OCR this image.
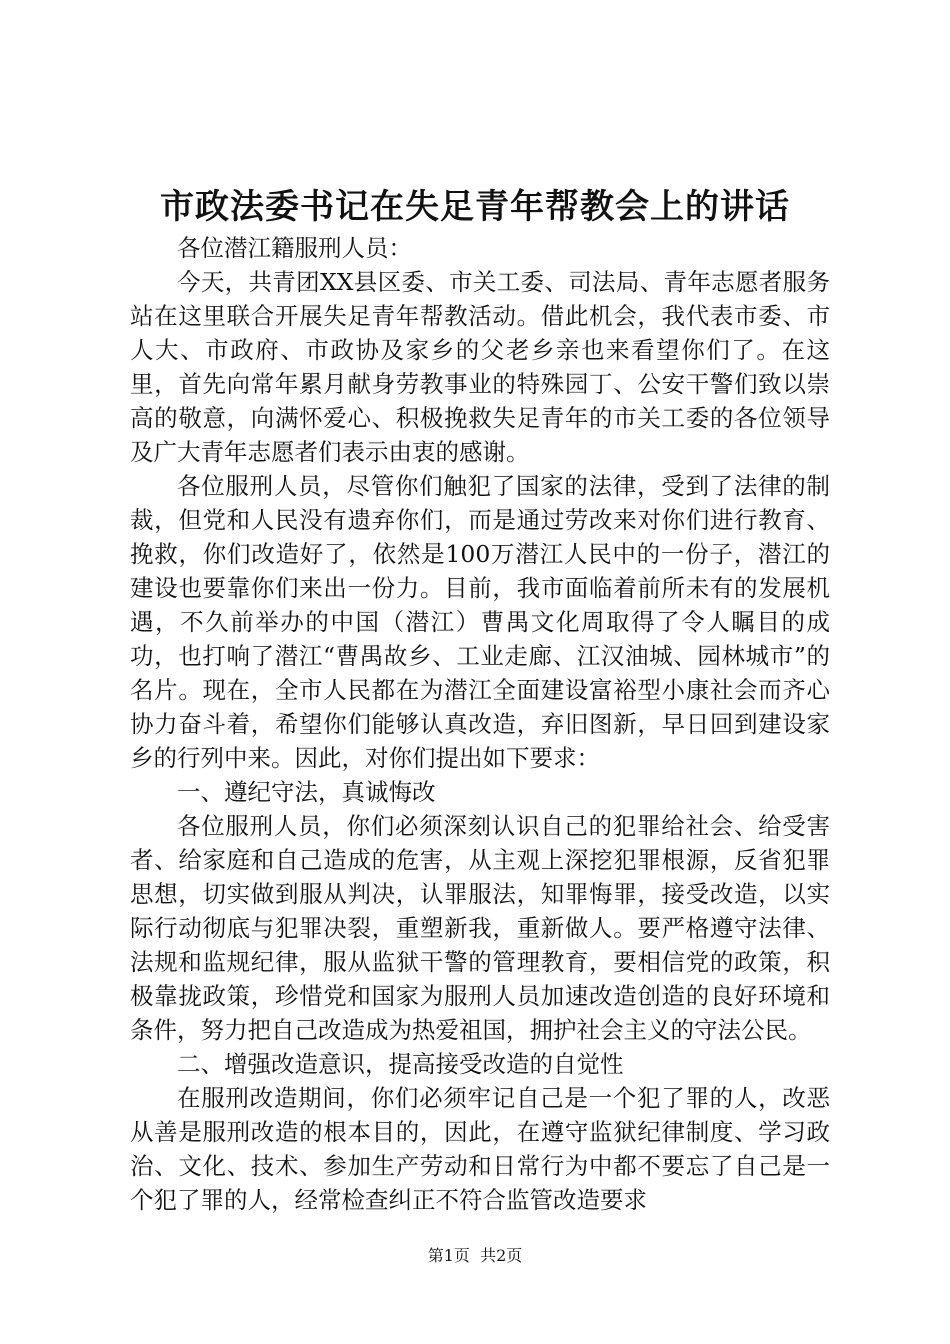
市政法委书记在失足青年帮教会上的讲话

各位潜江籍服刑人员：

今天，共青团XX县区委、市关工委、司法局、青年志愿者服务站在这里联合开展失足青年帮教活动。借此机会，我代表市委、市人大、市政府、市政协及家乡的父老乡亲也来看望你们了。在这里，首先向常年累月献身劳教事业的特殊园丁、公安干警们致以崇高的敬意，向满怀爱心、积极挽救失足青年的市关工委的各位领导及广大青年志愿者们表示由衷的感谢。

各位服刑人员，尽管你们触犯了国家的法律，受到了法律的制裁，但党和人民没有遗弃你们，而是通过劳改来对你们进行教育、挽救，你们改造好了，依然是100万潜江人民中的一份子，潜江的建设也要靠你们来出一份力。目前，我市面临着前所未有的发展机遇，不久前举办的中国（潜江）曹禺文化周取得了令人瞩目的成功，也打响了潜江“曹禺故乡、工业走廊、江汉油城、园林城市”的名片。现在，全市人民都在为潜江全面建设富裕型小康社会而齐心协力奋斗着，希望你们能够认真改造，弃旧图新，早日回到建设家乡的行列中来。因此，对你们提出如下要求：

一、遵纪守法，真诚悔改

各位服刑人员，你们必须深刻认识自己的犯罪给社会、给受害者、给家庭和自己造成的危害，从主观上深挖犯罪根源，反省犯罪思想，切实做到服从判决，认罪服法，知罪悔罪，接受改造，以实际行动彻底与犯罪决裂，重塑新我，重新做人。要严格遵守法律、法规和监规纪律，服从监狱干警的管理教育，要相信党的政策，积极靠拢政策，珍惜党和国家为服刑人员加速改造创造的良好环境和条件，努力把自己改造成为热爱祖国，拥护社会主义的守法公民。

二、增强改造意识，提高接受改造的自觉性

在服刑改造期间，你们必须牢记自己是一个犯了罪的人，改恶从善是服刑改造的根本目的，因此，在遵守监狱纪律制度、学习政治、文化、技术、参加生产劳动和日常行为中都不要忘了自己是一个犯了罪的人，经常检查纠正不符合监管改造要求

第1页 共2页
